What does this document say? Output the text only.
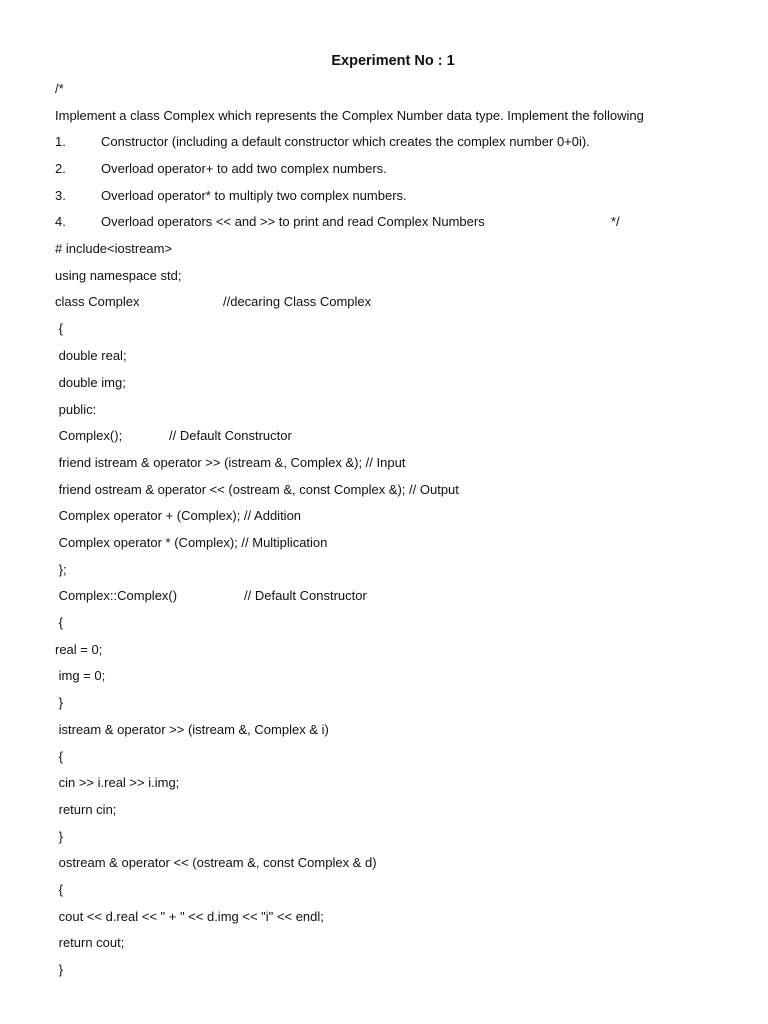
Experiment No : 1
/*
Implement a class Complex which represents the Complex Number data type. Implement the following
1.	Constructor (including a default constructor which creates the complex number 0+0i).
2.	Overload operator+ to add two complex numbers.
3.	Overload operator* to multiply two complex numbers.
4.	Overload operators << and >> to print and read Complex Numbers	*/
# include<iostream>
using namespace std;
class Complex	//decaring Class Complex
{
double real;
double img;
public:
Complex();	// Default Constructor
friend istream & operator >> (istream &, Complex &); // Input
friend ostream & operator << (ostream &, const Complex &); // Output
Complex operator + (Complex); // Addition
Complex operator * (Complex); // Multiplication
};
Complex::Complex()	// Default Constructor
{
real = 0;
img = 0;
}
istream & operator >> (istream &, Complex & i)
{
cin >> i.real >> i.img;
return cin;
}
ostream & operator << (ostream &, const Complex & d)
{
cout << d.real << " + " << d.img << "i" << endl;
return cout;
}
